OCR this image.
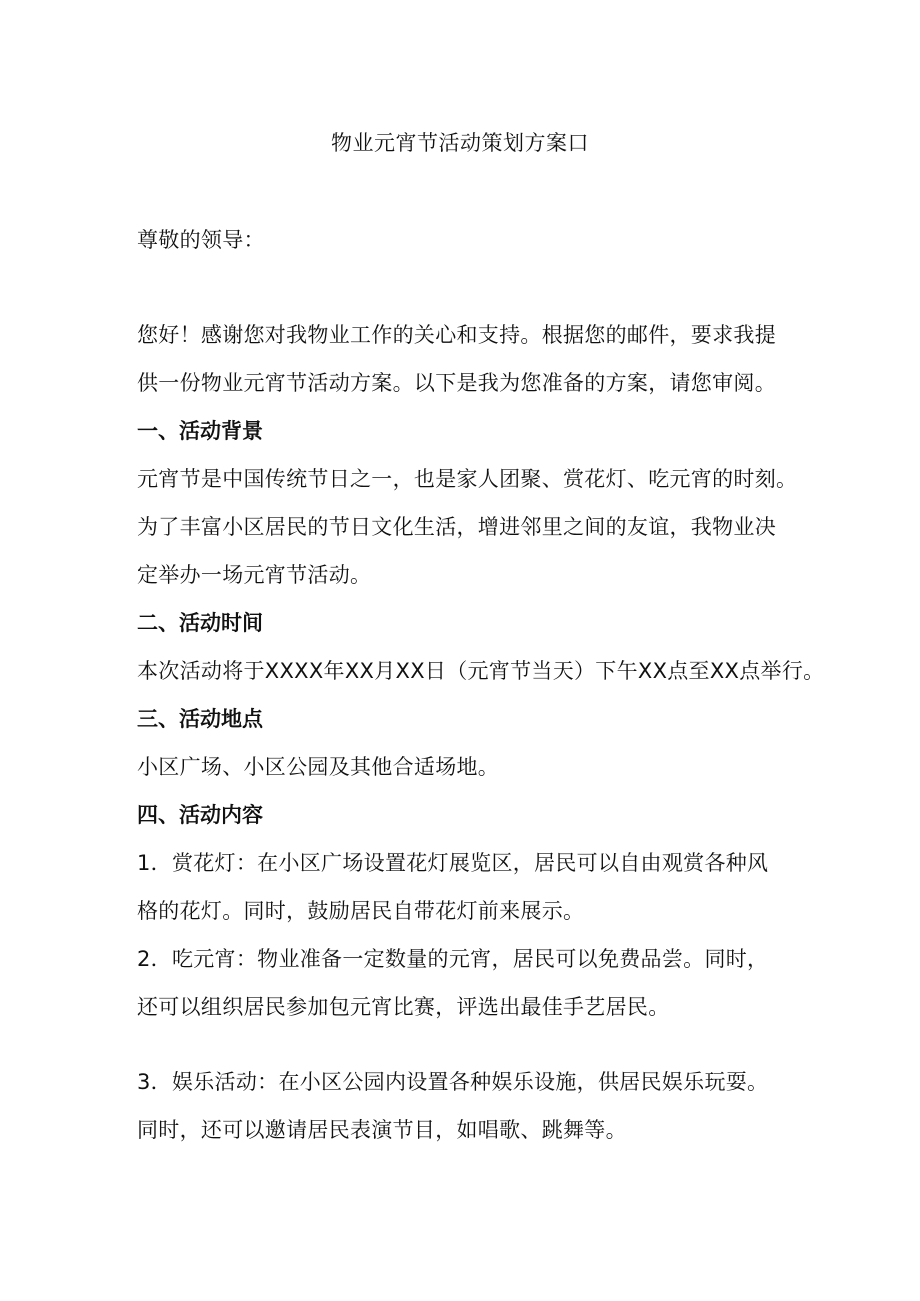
物业元宵节活动策划方案口
尊敬的领导：
您好！感谢您对我物业工作的关心和支持。根据您的邮件，要求我提
供一份物业元宵节活动方案。以下是我为您准备的方案，请您审阅。
一、活动背景
元宵节是中国传统节日之一，也是家人团聚、赏花灯、吃元宵的时刻。
为了丰富小区居民的节日文化生活，增进邻里之间的友谊，我物业决
定举办一场元宵节活动。
二、活动时间
本次活动将于XXXX年XX月XX日（元宵节当天）下午XX点至XX点举行。
三、活动地点
小区广场、小区公园及其他合适场地。
四、活动内容
1．赏花灯：在小区广场设置花灯展览区，居民可以自由观赏各种风
格的花灯。同时，鼓励居民自带花灯前来展示。
2．吃元宵：物业准备一定数量的元宵，居民可以免费品尝。同时，
还可以组织居民参加包元宵比赛，评选出最佳手艺居民。
3．娱乐活动：在小区公园内设置各种娱乐设施，供居民娱乐玩耍。
同时，还可以邀请居民表演节目，如唱歌、跳舞等。
